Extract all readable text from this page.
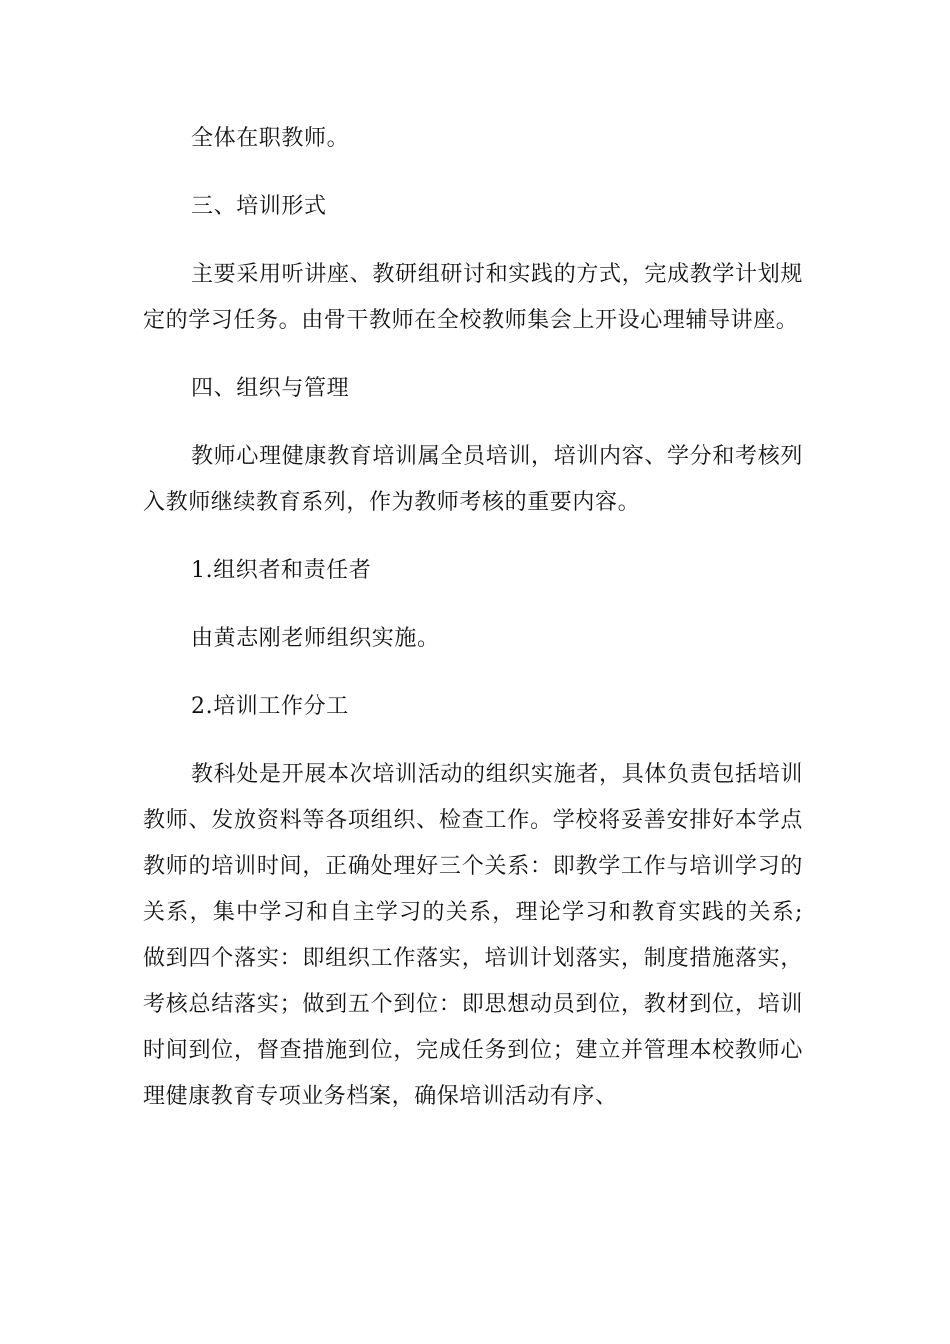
全体在职教师。

三、培训形式

主要采用听讲座、教研组研讨和实践的方式，完成教学计划规定的学习任务。由骨干教师在全校教师集会上开设心理辅导讲座。

四、组织与管理

教师心理健康教育培训属全员培训，培训内容、学分和考核列入教师继续教育系列，作为教师考核的重要内容。

1.组织者和责任者

由黄志刚老师组织实施。

2.培训工作分工

教科处是开展本次培训活动的组织实施者，具体负责包括培训教师、发放资料等各项组织、检查工作。学校将妥善安排好本学点教师的培训时间，正确处理好三个关系：即教学工作与培训学习的关系，集中学习和自主学习的关系，理论学习和教育实践的关系;做到四个落实：即组织工作落实，培训计划落实，制度措施落实，考核总结落实；做到五个到位：即思想动员到位，教材到位，培训时间到位，督查措施到位，完成任务到位；建立并管理本校教师心理健康教育专项业务档案，确保培训活动有序、
